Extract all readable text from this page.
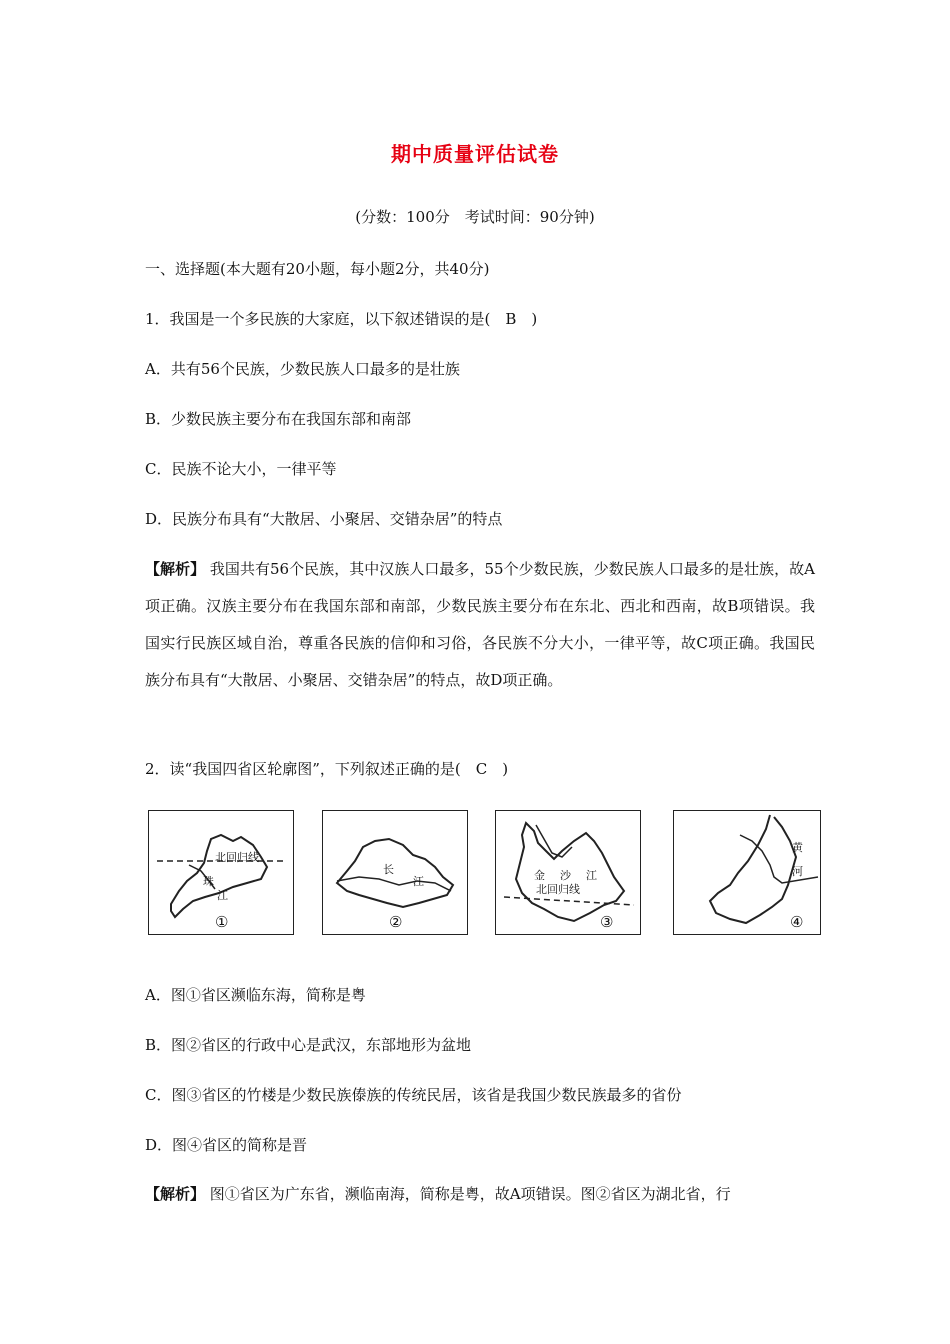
期中质量评估试卷
(分数：100分　考试时间：90分钟)
一、选择题(本大题有20小题，每小题2分，共40分)
1．我国是一个多民族的大家庭，以下叙述错误的是(　B　)
A．共有56个民族，少数民族人口最多的是壮族
B．少数民族主要分布在我国东部和南部
C．民族不论大小，一律平等
D．民族分布具有“大散居、小聚居、交错杂居”的特点
【解析】 我国共有56个民族，其中汉族人口最多，55个少数民族，少数民族人口最多的是壮族，故A项正确。汉族主要分布在我国东部和南部，少数民族主要分布在东北、西北和西南，故B项错误。我国实行民族区域自治，尊重各民族的信仰和习俗，各民族不分大小，一律平等，故C项正确。我国民族分布具有“大散居、小聚居、交错杂居”的特点，故D项正确。
2．读“我国四省区轮廓图”，下列叙述正确的是(　C　)
北回归线
珠
江
①
长
江
②
金 沙 江
北回归线
③
黄
河
④
A．图①省区濒临东海，简称是粤
B．图②省区的行政中心是武汉，东部地形为盆地
C．图③省区的竹楼是少数民族傣族的传统民居，该省是我国少数民族最多的省份
D．图④省区的简称是晋
【解析】 图①省区为广东省，濒临南海，简称是粤，故A项错误。图②省区为湖北省，行
